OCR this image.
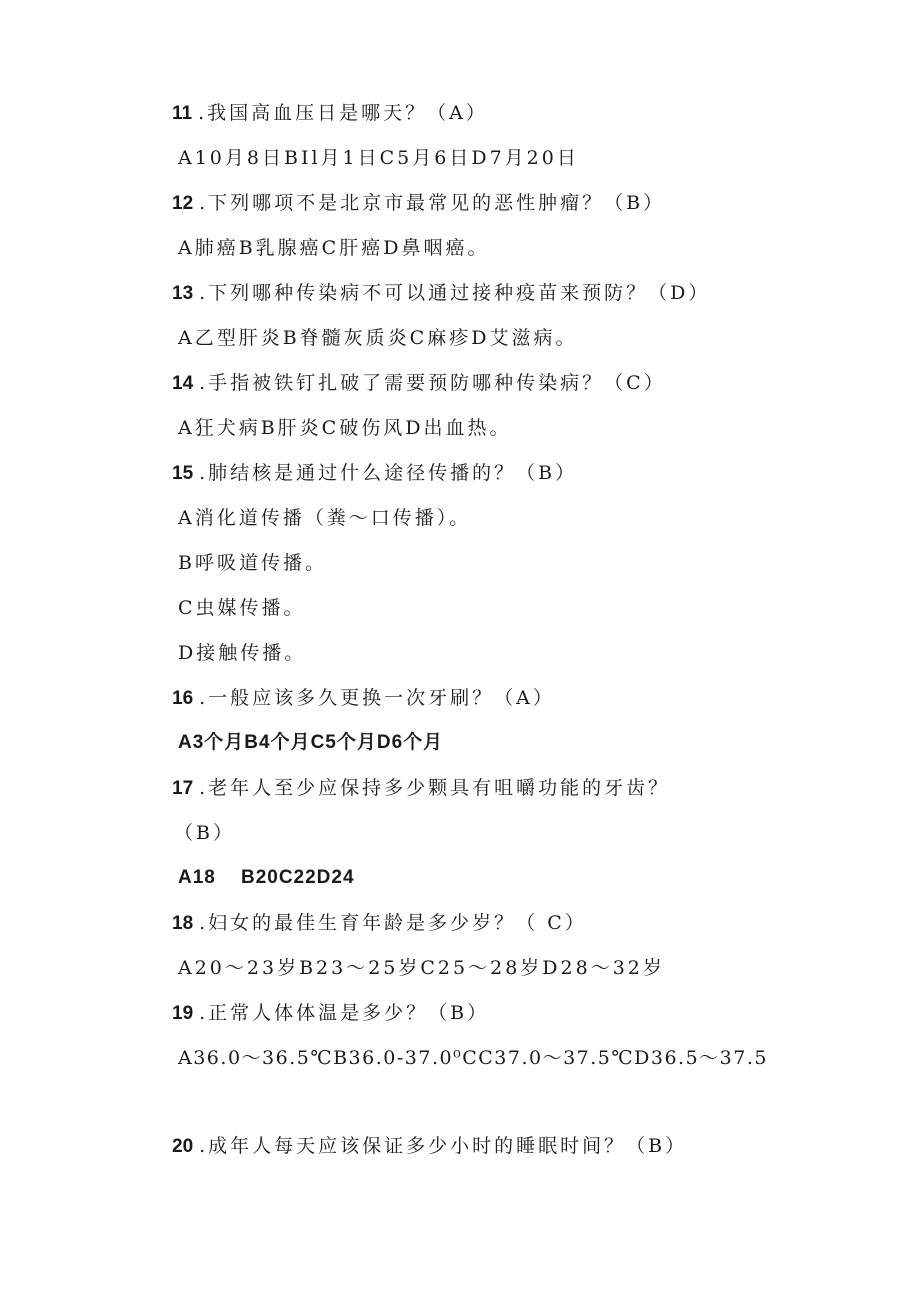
11 .我国高血压日是哪天？（A）
A10月8日BIl月1日C5月6日D7月20日
12 .下列哪项不是北京市最常见的恶性肿瘤？（B）
A肺癌B乳腺癌C肝癌D鼻咽癌。
13 .下列哪种传染病不可以通过接种疫苗来预防？（D）
A乙型肝炎B脊髓灰质炎C麻疹D艾滋病。
14 .手指被铁钉扎破了需要预防哪种传染病？（C）
A狂犬病B肝炎C破伤风D出血热。
15 .肺结核是通过什么途径传播的？（B）
A消化道传播（粪～口传播）。
B呼吸道传播。
C虫媒传播。
D接触传播。
16 .一般应该多久更换一次牙刷？（A）
A3个月B4个月C5个月D6个月
17 .老年人至少应保持多少颗具有咀嚼功能的牙齿？
（B）
A18    B20C22D24
18 .妇女的最佳生育年龄是多少岁？（ C）
A20～23岁B23～25岁C25～28岁D28～32岁
19 .正常人体体温是多少？（B）
A36.0～36.5℃B36.0-37.0⁰CC37.0～37.5℃D36.5～37.5
20 .成年人每天应该保证多少小时的睡眠时间？（B）
